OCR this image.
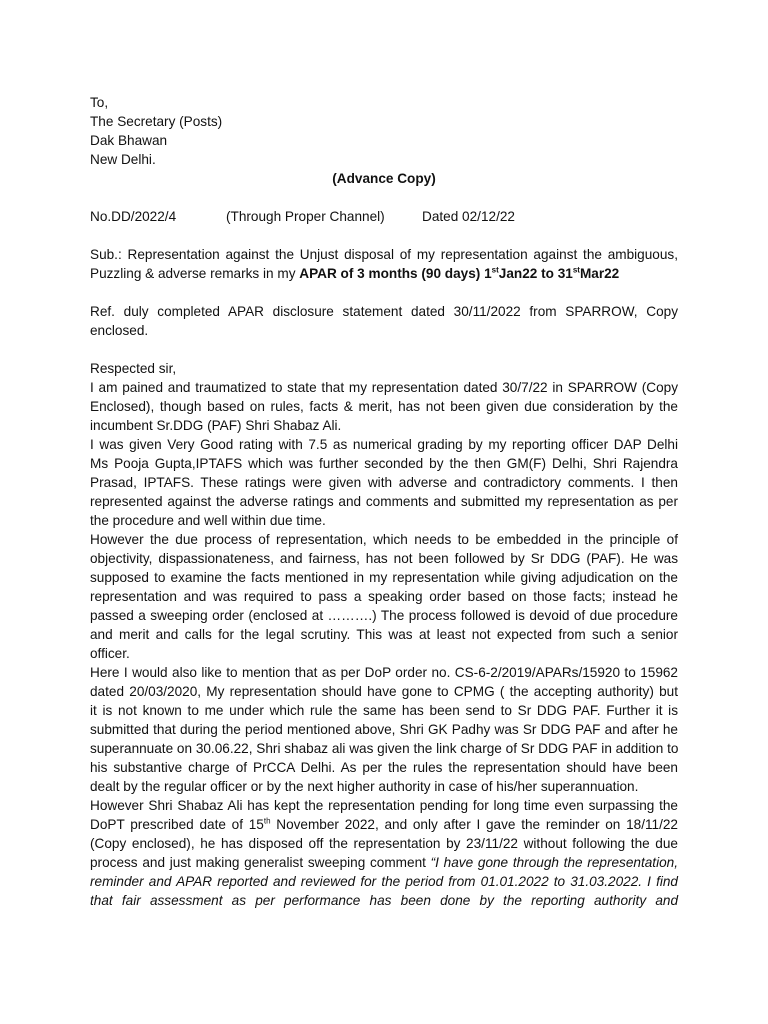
To,
The Secretary (Posts)
Dak Bhawan
New Delhi.
(Advance Copy)
No.DD/2022/4	(Through Proper Channel)	Dated 02/12/22
Sub.: Representation against the Unjust disposal of my representation against the ambiguous,
Puzzling & adverse remarks in my APAR of 3 months (90 days) 1stJan22 to 31stMar22
Ref. duly completed APAR disclosure statement dated 30/11/2022 from SPARROW, Copy
enclosed.
Respected sir,
I am pained and traumatized to state that my representation dated 30/7/22 in SPARROW (Copy
Enclosed), though based on rules, facts & merit, has not been given due consideration by the
incumbent Sr.DDG (PAF) Shri Shabaz Ali.
I was given Very Good rating with 7.5 as numerical grading by my reporting officer DAP Delhi
Ms Pooja Gupta,IPTAFS which was further seconded by the then GM(F) Delhi, Shri Rajendra
Prasad, IPTAFS. These ratings were given with adverse and contradictory comments. I then
represented against the adverse ratings and comments and submitted my representation as per
the procedure and well within due time.
However the due process of representation, which needs to be embedded in the principle of
objectivity, dispassionateness, and fairness, has not been followed by Sr DDG (PAF). He was
supposed to examine the facts mentioned in my representation while giving adjudication on the
representation and was required to pass a speaking order based on those facts; instead he
passed a sweeping order (enclosed at ……….) The process followed is devoid of due procedure
and merit and calls for the legal scrutiny. This was at least not expected from such a senior
officer.
Here I would also like to mention that as per DoP order no. CS-6-2/2019/APARs/15920 to 15962
dated 20/03/2020, My representation should have gone to CPMG ( the accepting authority) but
it is not known to me under which rule the same has been send to Sr DDG PAF. Further it is
submitted that during the period mentioned above, Shri GK Padhy was Sr DDG PAF and after he
superannuate on 30.06.22, Shri shabaz ali was given the link charge of Sr DDG PAF in addition to
his substantive charge of PrCCA Delhi. As per the rules the representation should have been
dealt by the regular officer or by the next higher authority in case of his/her superannuation.
However Shri Shabaz Ali has kept the representation pending for long time even surpassing the
DoPT prescribed date of 15th November 2022, and only after I gave the reminder on 18/11/22
(Copy enclosed), he has disposed off the representation by 23/11/22 without following the due
process and just making generalist sweeping comment “I have gone through the representation,
reminder and APAR reported and reviewed for the period from 01.01.2022 to 31.03.2022. I find
that fair assessment as per performance has been done by the reporting authority and
